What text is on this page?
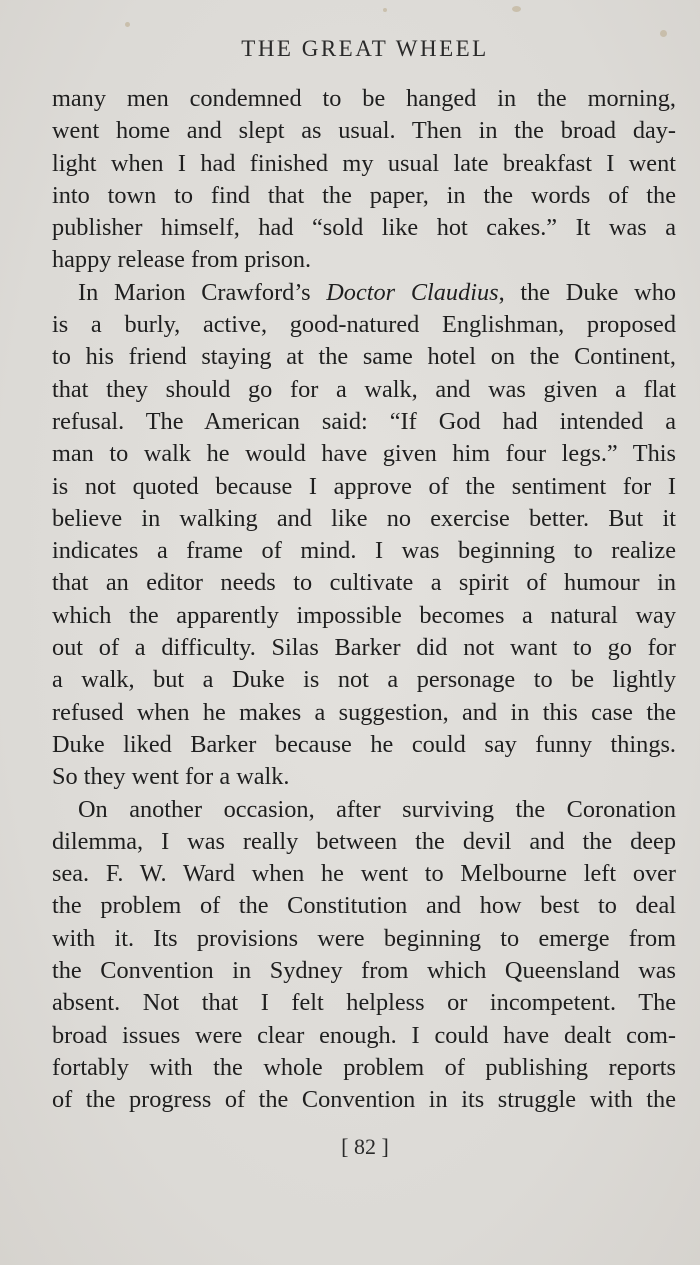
THE GREAT WHEEL

many men condemned to be hanged in the morning,
went home and slept as usual. Then in the broad day-
light when I had finished my usual late breakfast I went
into town to find that the paper, in the words of the
publisher himself, had “sold like hot cakes.” It was a
happy release from prison.

In Marion Crawford’s Doctor Claudius, the Duke who
is a burly, active, good-natured Englishman, proposed
to his friend staying at the same hotel on the Continent,
that they should go for a walk, and was given a flat
refusal. The American said: “If God had intended a
man to walk he would have given him four legs.” This
is not quoted because I approve of the sentiment for I
believe in walking and like no exercise better. But it
indicates a frame of mind. I was beginning to realize
that an editor needs to cultivate a spirit of humour in
which the apparently impossible becomes a natural way
out of a difficulty. Silas Barker did not want to go for
a walk, but a Duke is not a personage to be lightly
refused when he makes a suggestion, and in this case the
Duke liked Barker because he could say funny things.
So they went for a walk.

On another occasion, after surviving the Coronation
dilemma, I was really between the devil and the deep
sea. F. W. Ward when he went to Melbourne left over
the problem of the Constitution and how best to deal
with it. Its provisions were beginning to emerge from
the Convention in Sydney from which Queensland was
absent. Not that I felt helpless or incompetent. The
broad issues were clear enough. I could have dealt com-
fortably with the whole problem of publishing reports
of the progress of the Convention in its struggle with the

[ 82 ]
